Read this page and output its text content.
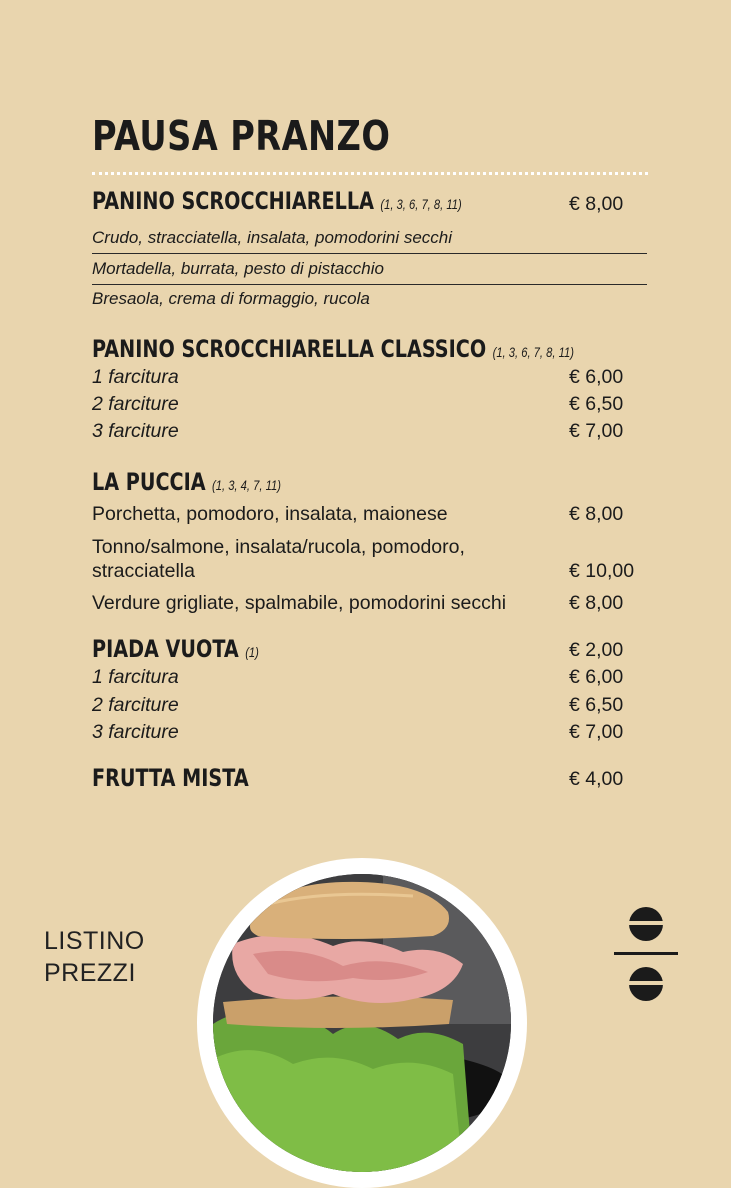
PAUSA PRANZO
PANINO SCROCCHIARELLA (1, 3, 6, 7, 8, 11)	€ 8,00
Crudo, stracciatella, insalata, pomodorini secchi
Mortadella, burrata, pesto di pistacchio
Bresaola, crema di formaggio, rucola
PANINO SCROCCHIARELLA CLASSICO (1, 3, 6, 7, 8, 11)
1 farcitura	€ 6,00
2 farciture	€ 6,50
3 farciture	€ 7,00
LA PUCCIA (1, 3, 4, 7, 11)
Porchetta, pomodoro, insalata, maionese	€ 8,00
Tonno/salmone, insalata/rucola, pomodoro,
stracciatella	€ 10,00
Verdure grigliate, spalmabile, pomodorini secchi	€ 8,00
PIADA VUOTA (1)	€ 2,00
1 farcitura	€ 6,00
2 farciture	€ 6,50
3 farciture	€ 7,00
FRUTTA MISTA	€ 4,00
LISTINO
PREZZI
